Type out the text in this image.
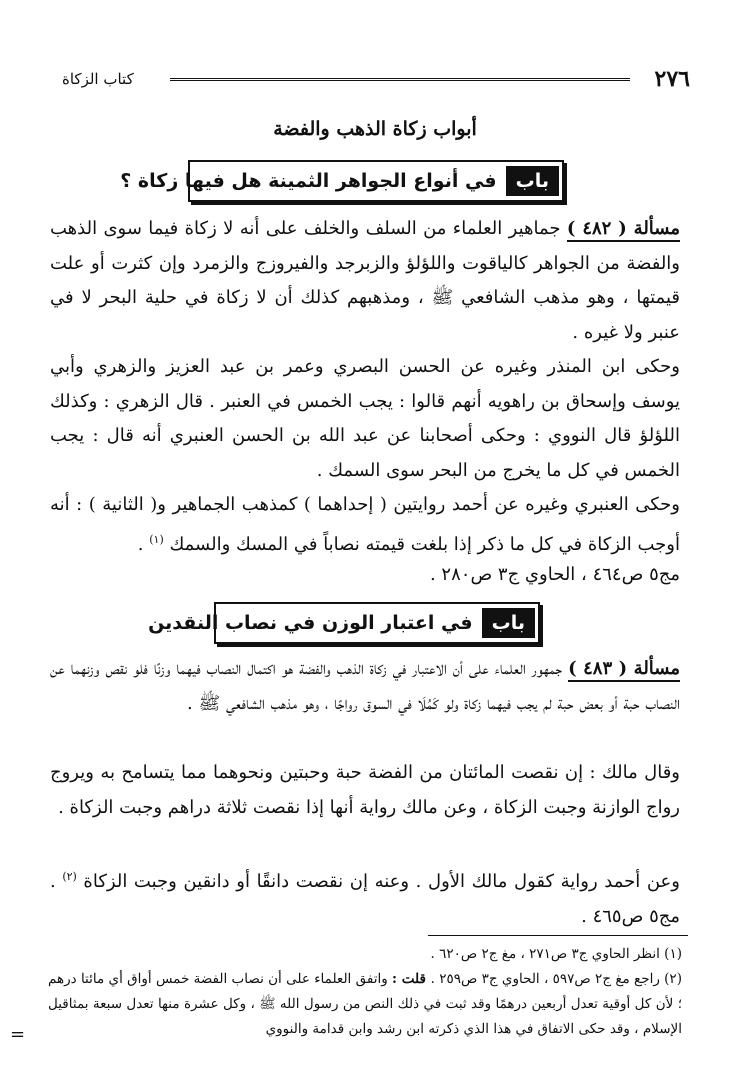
٢٧٦
كتاب الزكاة
أبواب زكاة الذهب والفضة
باب
في أنواع الجواهر الثمينة هل فيها زكاة ؟
مسألة ( ٤٨٢ ) جماهير العلماء من السلف والخلف على أنه لا زكاة فيما سوى الذهب والفضة من الجواهر كالياقوت واللؤلؤ والزبرجد والفيروزج والزمرد وإن كثرت أو علت قيمتها ، وهو مذهب الشافعي ﷺ ، ومذهبهم كذلك أن لا زكاة في حلية البحر لا في عنبر ولا غيره .
وحكى ابن المنذر وغيره عن الحسن البصري وعمر بن عبد العزيز والزهري وأبي يوسف وإسحاق بن راهويه أنهم قالوا : يجب الخمس في العنبر . قال الزهري : وكذلك اللؤلؤ قال النووي : وحكى أصحابنا عن عبد الله بن الحسن العنبري أنه قال : يجب الخمس في كل ما يخرج من البحر سوى السمك .
وحكى العنبري وغيره عن أحمد روايتين ( إحداهما ) كمذهب الجماهير و( الثانية ) : أنه أوجب الزكاة في كل ما ذكر إذا بلغت قيمته نصاباً في المسك والسمك $^{(١)}$ .
مج٥ ص٤٦٤ ، الحاوي ج٣ ص٢٨٠ .
باب
في اعتبار الوزن في نصاب النقدين
مسألة ( ٤٨٣ ) جمهور العلماء على أن الاعتبار في زكاة الذهب والفضة هو اكتمال النصاب فيهما وزنًا فلو نقص وزنهما عن النصاب حبة أو بعض حبة لم يجب فيهما زكاة ولو كَمُلَا في السوق رواجًا ، وهو مذهب الشافعي ﷺ .
وقال مالك : إن نقصت المائتان من الفضة حبة وحبتين ونحوهما مما يتسامح به ويروج رواج الوازنة وجبت الزكاة ، وعن مالك رواية أنها إذا نقصت ثلاثة دراهم وجبت الزكاة .
وعن أحمد رواية كقول مالك الأول . وعنه إن نقصت دانقًا أو دانقين وجبت الزكاة $^{(٢)}$ . مج٥ ص٤٦٥ .
(١) انظر الحاوي ج٣ ص٢٧١ ، مغ ج٢ ص٦٢٠ .
(٢) راجع مغ ج٢ ص٥٩٧ ، الحاوي ج٣ ص٢٥٩ . قلت : واتفق العلماء على أن نصاب الفضة خمس أواق أي مائتا درهم ؛ لأن كل أوقية تعدل أربعين درهمًا وقد ثبت في ذلك النص من رسول الله ﷺ ، وكل عشرة منها تعدل سبعة بمثاقيل الإسلام ، وقد حكى الاتفاق في هذا الذي ذكرته ابن رشد وابن قدامة والنووي
=
